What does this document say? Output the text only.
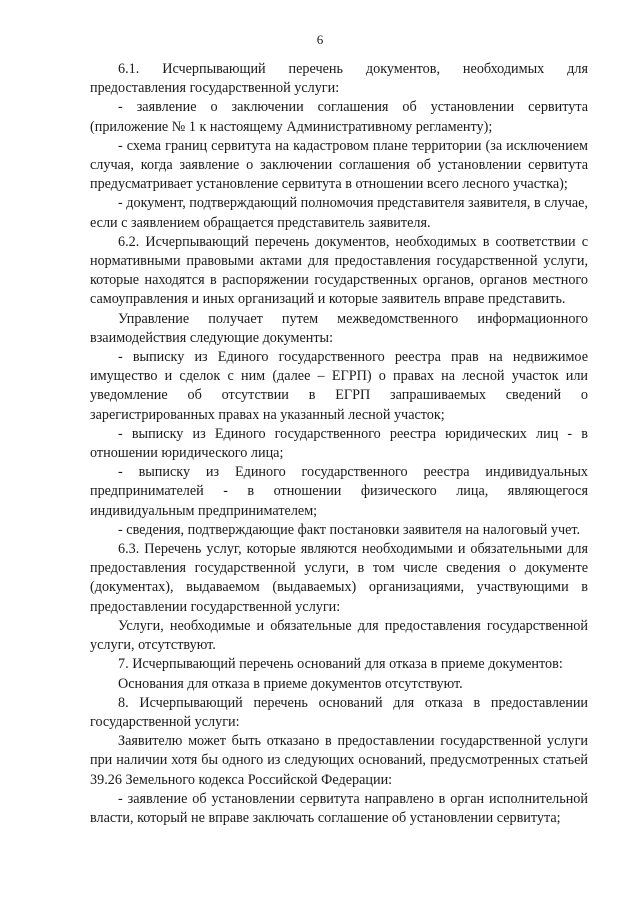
6

6.1. Исчерпывающий перечень документов, необходимых для предоставления государственной услуги:

- заявление о заключении соглашения об установлении сервитута (приложение № 1 к настоящему Административному регламенту);

- схема границ сервитута на кадастровом плане территории (за исключением случая, когда заявление о заключении соглашения об установлении сервитута предусматривает установление сервитута в отношении всего лесного участка);

- документ, подтверждающий полномочия представителя заявителя, в случае, если с заявлением обращается представитель заявителя.

6.2. Исчерпывающий перечень документов, необходимых в соответствии с нормативными правовыми актами для предоставления государственной услуги, которые находятся в распоряжении государственных органов, органов местного самоуправления и иных организаций и которые заявитель вправе представить.

Управление получает путем межведомственного информационного взаимодействия следующие документы:

- выписку из Единого государственного реестра прав на недвижимое имущество и сделок с ним (далее – ЕГРП) о правах на лесной участок или уведомление об отсутствии в ЕГРП запрашиваемых сведений о зарегистрированных правах на указанный лесной участок;

- выписку из Единого государственного реестра юридических лиц - в отношении юридического лица;

- выписку из Единого государственного реестра индивидуальных предпринимателей - в отношении физического лица, являющегося индивидуальным предпринимателем;

- сведения, подтверждающие факт постановки заявителя на налоговый учет.

6.3. Перечень услуг, которые являются необходимыми и обязательными для предоставления государственной услуги, в том числе сведения о документе (документах), выдаваемом (выдаваемых) организациями, участвующими в предоставлении государственной услуги:

Услуги, необходимые и обязательные для предоставления государственной услуги, отсутствуют.

7. Исчерпывающий перечень оснований для отказа в приеме документов:

Основания для отказа в приеме документов отсутствуют.

8. Исчерпывающий перечень оснований для отказа в предоставлении государственной услуги:

Заявителю может быть отказано в предоставлении государственной услуги при наличии хотя бы одного из следующих оснований, предусмотренных статьей 39.26 Земельного кодекса Российской Федерации:

- заявление об установлении сервитута направлено в орган исполнительной власти, который не вправе заключать соглашение об установлении сервитута;
